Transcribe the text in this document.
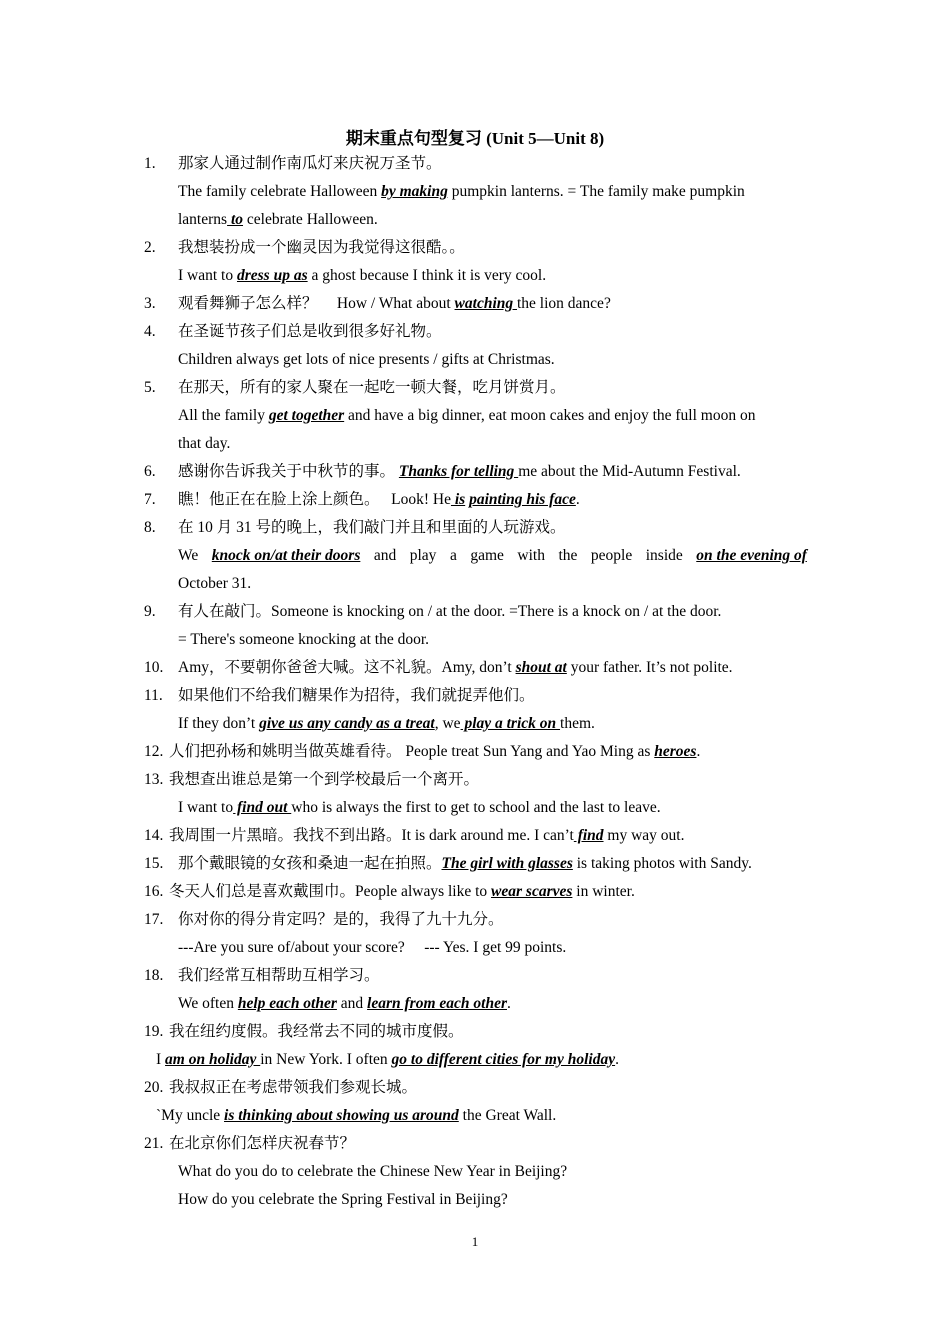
期末重点句型复习 (Unit 5—Unit 8)
1. 那家人通过制作南瓜灯来庆祝万圣节。
The family celebrate Halloween by making pumpkin lanterns. = The family make pumpkin
lanterns to celebrate Halloween.
2. 我想装扮成一个幽灵因为我觉得这很酷。。
I want to dress up as a ghost because I think it is very cool.
3. 观看舞狮子怎么样？　 How / What about watching the lion dance?
4. 在圣诞节孩子们总是收到很多好礼物。
Children always get lots of nice presents / gifts at Christmas.
5. 在那天，所有的家人聚在一起吃一顿大餐，吃月饼赏月。
All the family get together and have a big dinner, eat moon cakes and enjoy the full moon on
that day.
6. 感谢你告诉我关于中秋节的事。 Thanks for telling me about the Mid-Autumn Festival.
7. 瞧！他正在在脸上涂上颜色。　 Look! He is painting his face.
8. 在 10 月 31 号的晚上，我们敲门并且和里面的人玩游戏。
We knock on/at their doors and play a game with the people inside on the evening of
October 31.
9. 有人在敲门。Someone is knocking on / at the door. =There is a knock on / at the door.
= There's someone knocking at the door.
10. Amy，不要朝你爸爸大喊。这不礼貌。Amy, don’t shout at your father. It’s not polite.
11. 如果他们不给我们糖果作为招待，我们就捉弄他们。
If they don’t give us any candy as a treat, we play a trick on them.
12. 人们把孙杨和姚明当做英雄看待。 People treat Sun Yang and Yao Ming as heroes.
13. 我想查出谁总是第一个到学校最后一个离开。
I want to find out who is always the first to get to school and the last to leave.
14. 我周围一片黑暗。我找不到出路。It is dark around me. I can’t find my way out.
15. 那个戴眼镜的女孩和桑迪一起在拍照。The girl with glasses is taking photos with Sandy.
16. 冬天人们总是喜欢戴围巾。People always like to wear scarves in winter.
17. 你对你的得分肯定吗？是的，我得了九十九分。
---Are you sure of/about your score?　 --- Yes. I get 99 points.
18. 我们经常互相帮助互相学习。
We often help each other and learn from each other.
19. 我在纽约度假。我经常去不同的城市度假。
I am on holiday in New York. I often go to different cities for my holiday.
20. 我叔叔正在考虑带领我们参观长城。
`My uncle is thinking about showing us around the Great Wall.
21. 在北京你们怎样庆祝春节？
What do you do to celebrate the Chinese New Year in Beijing?
How do you celebrate the Spring Festival in Beijing?
1
